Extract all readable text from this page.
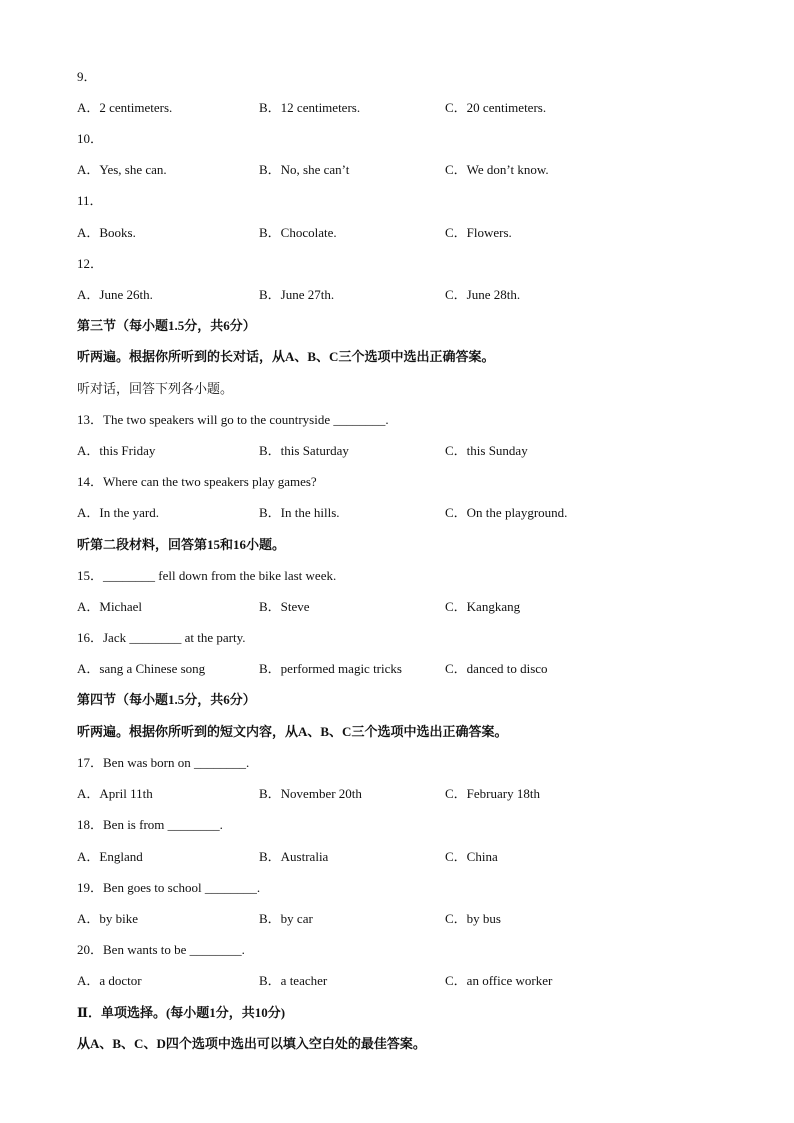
9．
A．2 centimeters.	B．12 centimeters.	C．20 centimeters.
10．
A．Yes, she can.	B．No, she can’t	C．We don’t know.
11．
A．Books.	B．Chocolate.	C．Flowers.
12．
A．June 26th.	B．June 27th.	C．June 28th.
第三节（每小题1.5分，共6分）
听两遍。根据你所听到的长对话，从A、B、C三个选项中选出正确答案。
听对话，回答下列各小题。
13．The two speakers will go to the countryside ________.
A．this Friday	B．this Saturday	C．this Sunday
14．Where can the two speakers play games?
A．In the yard.	B．In the hills.	C．On the playground.
听第二段材料，回答第15和16小题。
15．________ fell down from the bike last week.
A．Michael	B．Steve	C．Kangkang
16．Jack ________ at the party.
A．sang a Chinese song	B．performed magic tricks	C．danced to disco
第四节（每小题1.5分，共6分）
听两遍。根据你所听到的短文内容，从A、B、C三个选项中选出正确答案。
17．Ben was born on ________.
A．April 11th	B．November 20th	C．February 18th
18．Ben is from ________.
A．England	B．Australia	C．China
19．Ben goes to school ________.
A．by bike	B．by car	C．by bus
20．Ben wants to be ________.
A．a doctor	B．a teacher	C．an office worker
Ⅱ．单项选择。(每小题1分，共10分)
从A、B、C、D四个选项中选出可以填入空白处的最佳答案。
